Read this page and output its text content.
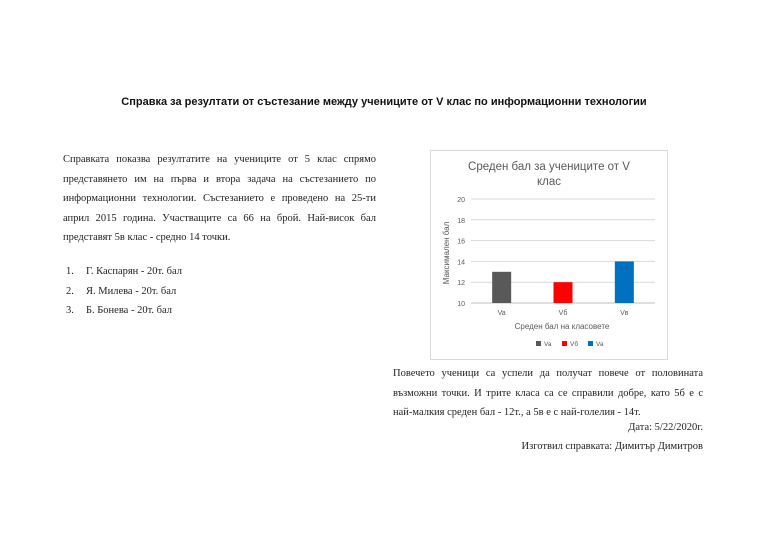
Справка за резултати от състезание между учениците от V клас по информационни технологии
Справката показва резултатите на учениците от 5 клас спрямо представянето им на първа и втора задача на състезанието по информационни технологии. Състезанието е проведено на 25-ти април 2015 година. Участващите са 66 на брой. Най-висок бал представят 5в клас - средно 14 точки.
1.	Г. Каспарян - 20т. бал
2.	Я. Милева - 20т. бал
3.	Б. Бонева - 20т. бал
Среден бал за учениците от V
клас
10
12
14
16
18
20
Va	Vб	Vв
Среден бал на класовете
Максимален бал
Va	Vб	Va
Повечето ученици са успели да получат повече от половината възможни точки. И трите класа са се справили добре, като 5б е с най-малкия среден бал - 12т., а 5в е с най-голелия - 14т.
Дата: 5/22/2020г.
Изготвил справката: Димитър Димитров
